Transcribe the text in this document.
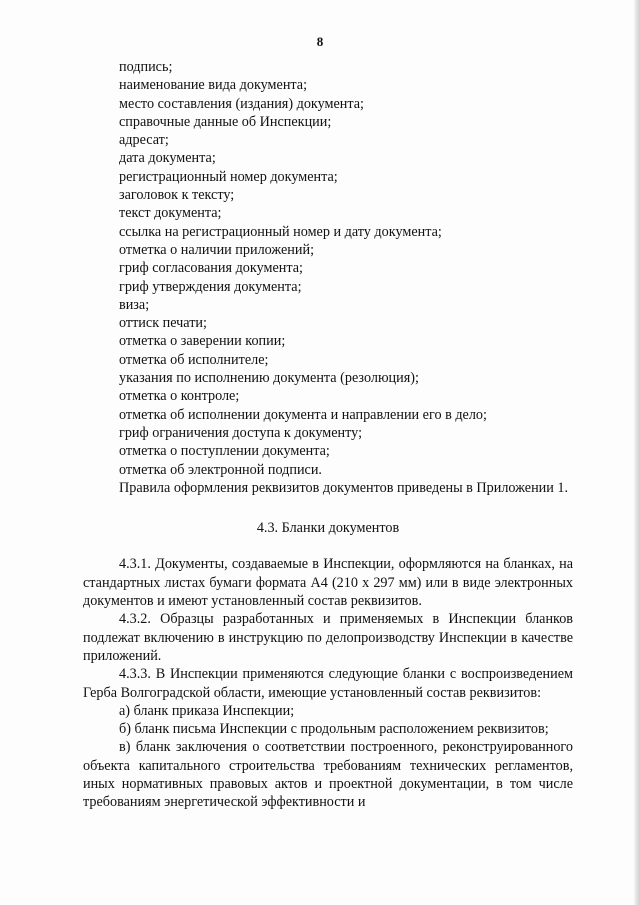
8
подпись;
наименование вида документа;
место составления (издания) документа;
справочные данные об Инспекции;
адресат;
дата документа;
регистрационный номер документа;
заголовок к тексту;
текст документа;
ссылка на регистрационный номер и дату документа;
отметка о наличии приложений;
гриф согласования документа;
гриф утверждения документа;
виза;
оттиск печати;
отметка о заверении копии;
отметка об исполнителе;
указания по исполнению документа (резолюция);
отметка о контроле;
отметка об исполнении документа и направлении его в дело;
гриф ограничения доступа к документу;
отметка о поступлении документа;
отметка об электронной подписи.

Правила оформления реквизитов документов приведены в Приложении 1.

4.3. Бланки документов

4.3.1. Документы, создаваемые в Инспекции, оформляются на бланках, на стандартных листах бумаги формата А4 (210 х 297 мм) или в виде электронных документов и имеют установленный состав реквизитов.

4.3.2. Образцы разработанных и применяемых в Инспекции бланков подлежат включению в инструкцию по делопроизводству Инспекции в качестве приложений.

4.3.3. В Инспекции применяются следующие бланки с воспроизведением Герба Волгоградской области, имеющие установленный состав реквизитов:

а) бланк приказа Инспекции;

б) бланк письма Инспекции с продольным расположением реквизитов;

в) бланк заключения о соответствии построенного, реконструированного объекта капитального строительства требованиям технических регламентов, иных нормативных правовых актов и проектной документации, в том числе требованиям энергетической эффективности и
